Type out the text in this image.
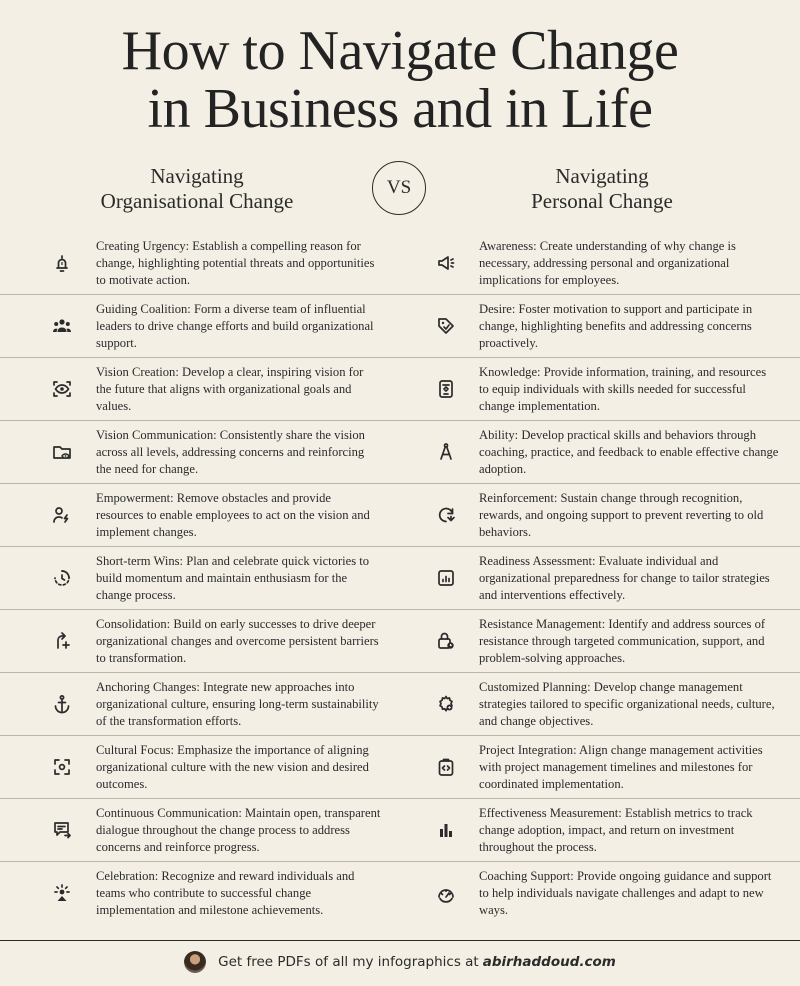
How to Navigate Change
in Business and in Life
Navigating
Organisational Change
VS	Navigating
Personal Change
Creating Urgency: Establish a compelling reason for change, highlighting potential threats and opportunities to motivate action.
Awareness: Create understanding of why change is necessary, addressing personal and organizational implications for employees.
Guiding Coalition: Form a diverse team of influential leaders to drive change efforts and build organizational support.
Desire: Foster motivation to support and participate in change, highlighting benefits and addressing concerns proactively.
Vision Creation: Develop a clear, inspiring vision for the future that aligns with organizational goals and values.
Knowledge: Provide information, training, and resources to equip individuals with skills needed for successful change implementation.
Vision Communication: Consistently share the vision across all levels, addressing concerns and reinforcing the need for change.
Ability: Develop practical skills and behaviors through coaching, practice, and feedback to enable effective change adoption.
Empowerment: Remove obstacles and provide resources to enable employees to act on the vision and implement changes.
Reinforcement: Sustain change through recognition, rewards, and ongoing support to prevent reverting to old behaviors.
Short-term Wins: Plan and celebrate quick victories to build momentum and maintain enthusiasm for the change process.
Readiness Assessment: Evaluate individual and organizational preparedness for change to tailor strategies and interventions effectively.
Consolidation: Build on early successes to drive deeper organizational changes and overcome persistent barriers to transformation.
Resistance Management: Identify and address sources of resistance through targeted communication, support, and problem-solving approaches.
Anchoring Changes: Integrate new approaches into organizational culture, ensuring long-term sustainability of the transformation efforts.
Customized Planning: Develop change management strategies tailored to specific organizational needs, culture, and change objectives.
Cultural Focus: Emphasize the importance of aligning organizational culture with the new vision and desired outcomes.
Project Integration: Align change management activities with project management timelines and milestones for coordinated implementation.
Continuous Communication: Maintain open, transparent dialogue throughout the change process to address concerns and reinforce progress.
Effectiveness Measurement: Establish metrics to track change adoption, impact, and return on investment throughout the process.
Celebration: Recognize and reward individuals and teams who contribute to successful change implementation and milestone achievements.
Coaching Support: Provide ongoing guidance and support to help individuals navigate challenges and adapt to new ways.
Get free PDFs of all my infographics at abirhaddoud.com
